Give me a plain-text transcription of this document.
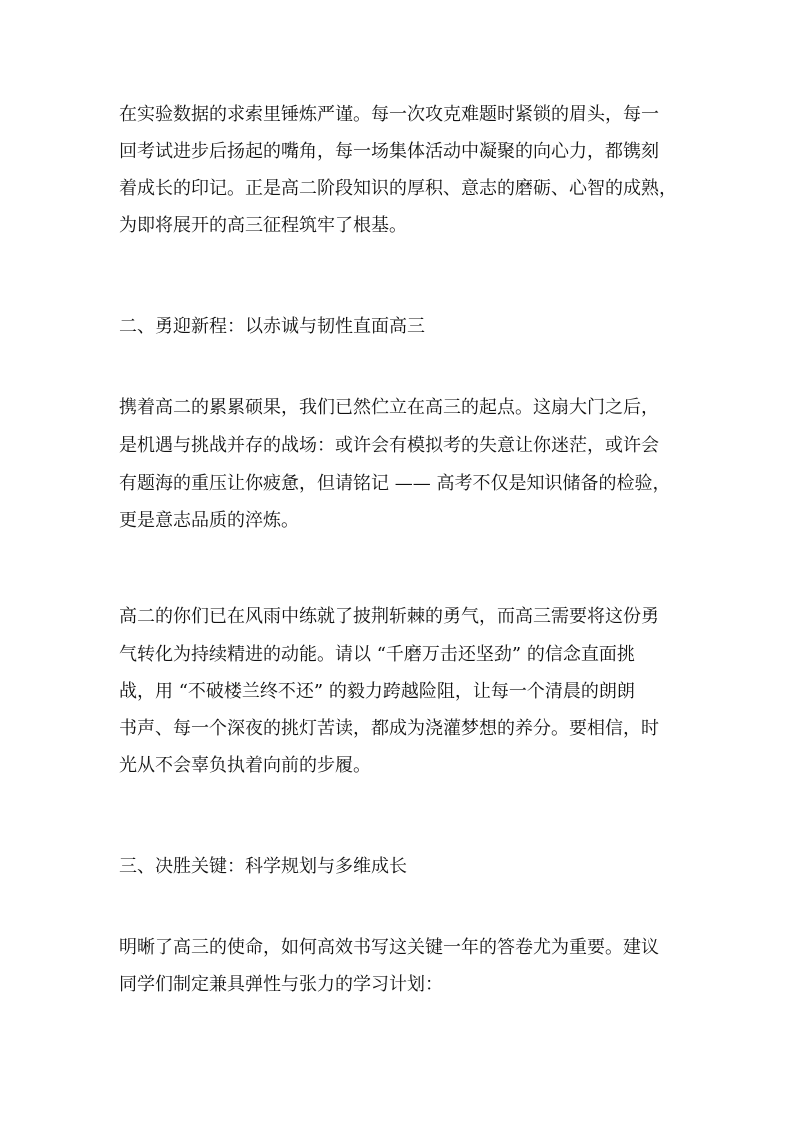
在实验数据的求索里锤炼严谨。每一次攻克难题时紧锁的眉头，每一
回考试进步后扬起的嘴角，每一场集体活动中凝聚的向心力，都镌刻
着成长的印记。正是高二阶段知识的厚积、意志的磨砺、心智的成熟，
为即将展开的高三征程筑牢了根基。
二、勇迎新程：以赤诚与韧性直面高三
携着高二的累累硕果，我们已然伫立在高三的起点。这扇大门之后，
是机遇与挑战并存的战场：或许会有模拟考的失意让你迷茫，或许会
有题海的重压让你疲惫，但请铭记 —— 高考不仅是知识储备的检验，
更是意志品质的淬炼。
高二的你们已在风雨中练就了披荆斩棘的勇气，而高三需要将这份勇
气转化为持续精进的动能。请以 “千磨万击还坚劲” 的信念直面挑
战，用 “不破楼兰终不还” 的毅力跨越险阻，让每一个清晨的朗朗
书声、每一个深夜的挑灯苦读，都成为浇灌梦想的养分。要相信，时
光从不会辜负执着向前的步履。
三、决胜关键：科学规划与多维成长
明晰了高三的使命，如何高效书写这关键一年的答卷尤为重要。建议
同学们制定兼具弹性与张力的学习计划：
